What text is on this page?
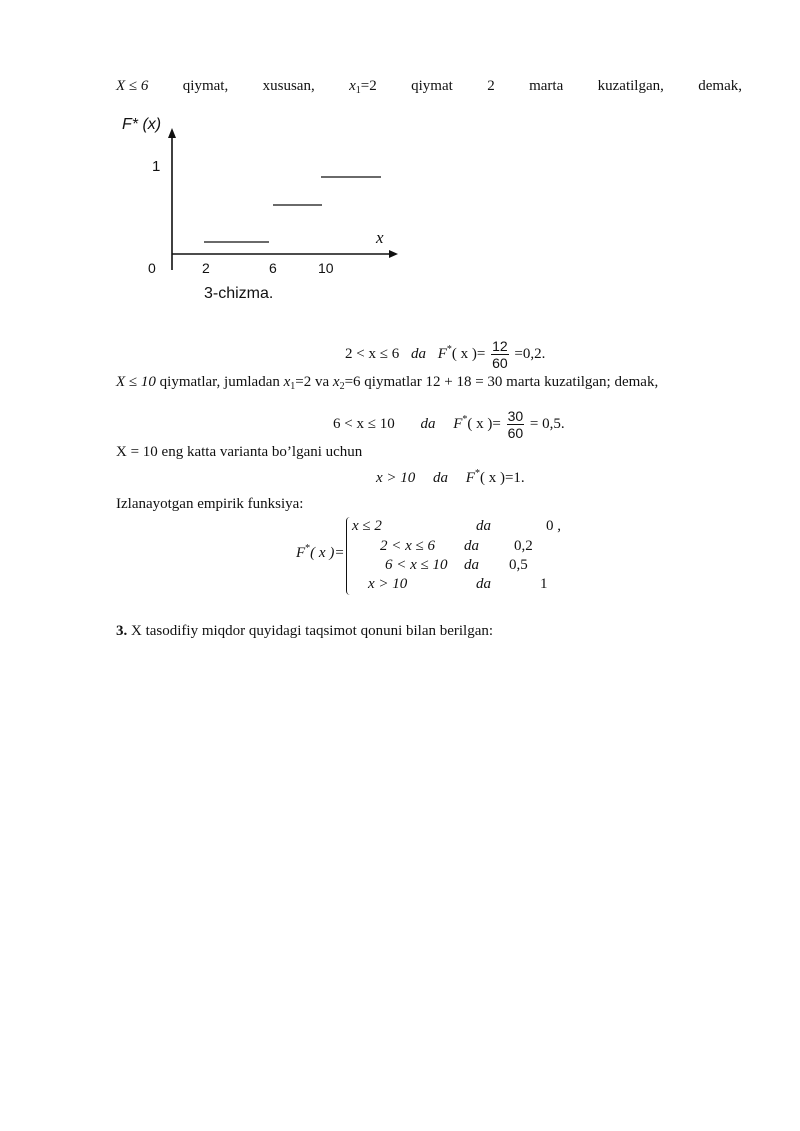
X ≤ 6 qiymat, xususan, $x_1=2$ qiymat 2 marta kuzatilgan, demak,
F* (x)
1
x
0	2	6	10
3-chizma.
2 < x ≤ 6 da F*( x )= $\frac{12}{60} =0,2$.
X ≤ 10 qiymatlar, jumladan $x_1=2$ va $x_2=6$ qiymatlar 12 + 18 = 30 marta kuzatilgan; demak,
6 < x ≤ 10 da F*( x )= $\frac{30}{60} = 0,5$.
X = 10 eng katta varianta bo’lgani uchun
x > 10 da F*( x )=1.
Izlanayotgan empirik funksiya:
F*( x )=
x ≤ 2	da	0 ,
2 < x ≤ 6 da 0,2
6 < x ≤ 10 da 0,5
x > 10	da	1
3. X tasodifiy miqdor quyidagi taqsimot qonuni bilan berilgan:
